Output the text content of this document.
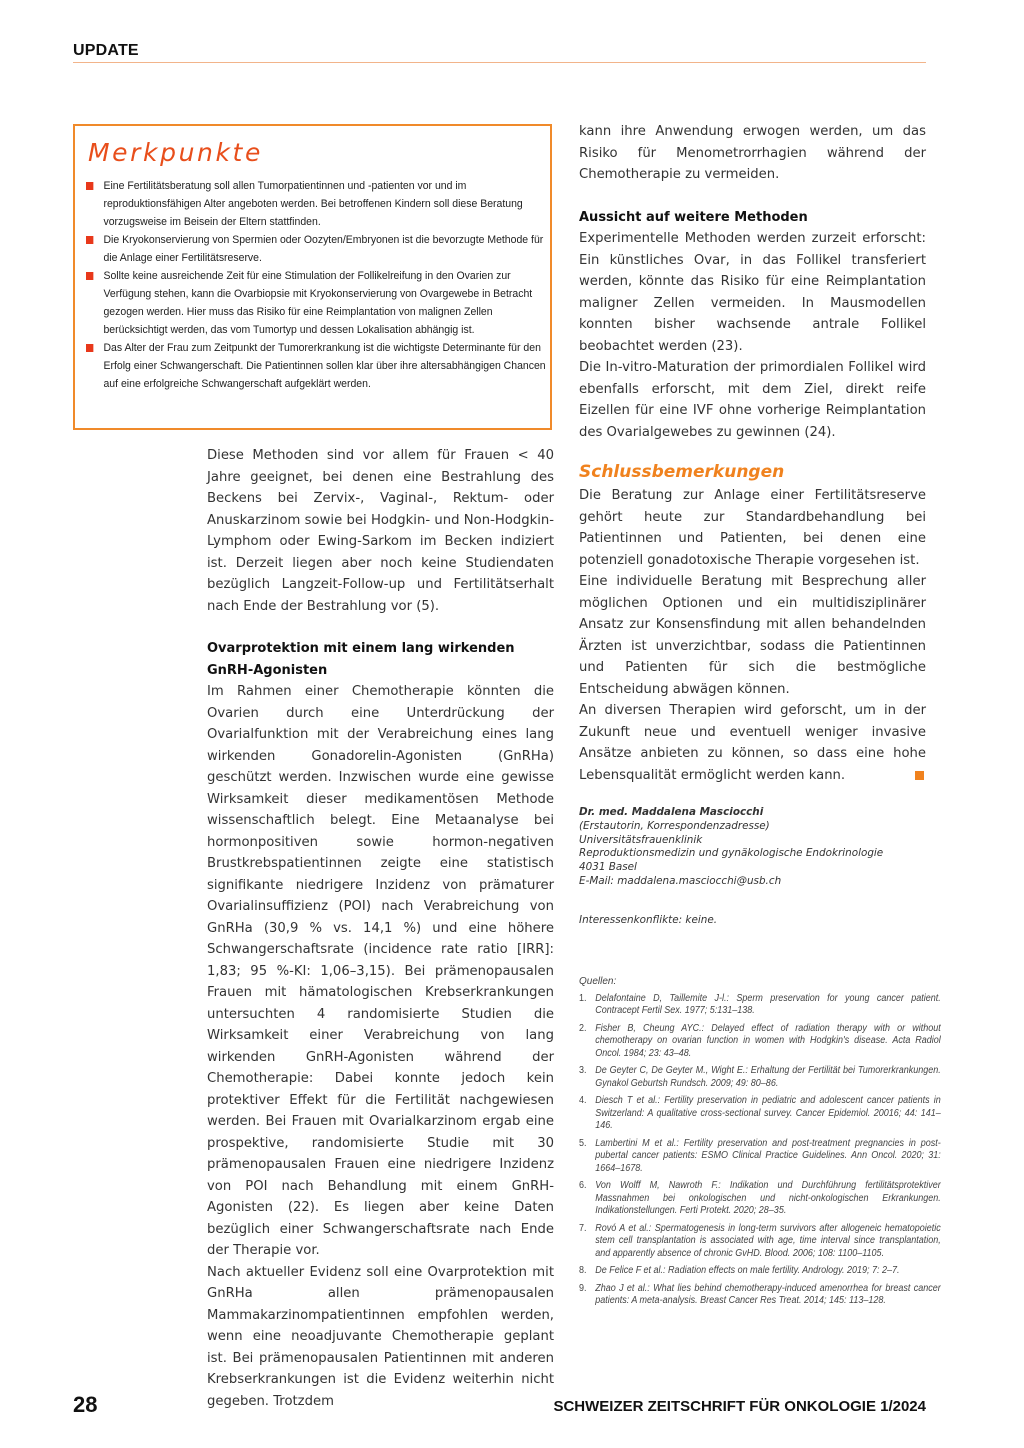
UPDATE
Merkpunkte
Eine Fertilitätsberatung soll allen Tumorpatientinnen und -patienten vor und im reproduktionsfähigen Alter angeboten werden. Bei betroffenen Kindern soll diese Beratung vorzugsweise im Beisein der Eltern stattfinden.
Die Kryokonservierung von Spermien oder Oozyten/Embryonen ist die bevorzugte Methode für die Anlage einer Fertilitätsreserve.
Sollte keine ausreichende Zeit für eine Stimulation der Follikelreifung in den Ovarien zur Verfügung stehen, kann die Ovarbiopsie mit Kryokonservierung von Ovargewebe in Betracht gezogen werden. Hier muss das Risiko für eine Reimplantation von malignen Zellen berücksichtigt werden, das vom Tumortyp und dessen Lokalisation abhängig ist.
Das Alter der Frau zum Zeitpunkt der Tumorerkrankung ist die wichtigste Determinante für den Erfolg einer Schwangerschaft. Die Patientinnen sollen klar über ihre altersabhängigen Chancen auf eine erfolgreiche Schwangerschaft aufgeklärt werden.

Diese Methoden sind vor allem für Frauen < 40 Jahre geeignet, bei denen eine Bestrahlung des Beckens bei Zervix-, Vaginal-, Rektum- oder Anuskarzinom sowie bei Hodgkin- und Non-Hodgkin-Lymphom oder Ewing-Sarkom im Becken indiziert ist. Derzeit liegen aber noch keine Studiendaten bezüglich Langzeit-Follow-up und Fertilitätserhalt nach Ende der Bestrahlung vor (5).

Ovarprotektion mit einem lang wirkenden GnRH-Agonisten

Im Rahmen einer Chemotherapie könnten die Ovarien durch eine Unterdrückung der Ovarialfunktion mit der Verabreichung eines lang wirkenden Gonadorelin-Agonisten (GnRHa) geschützt werden. Inzwischen wurde eine gewisse Wirksamkeit dieser medikamentösen Methode wissenschaftlich belegt. Eine Metaanalyse bei hormonpositiven sowie hormon-negativen Brustkrebspatientinnen zeigte eine statistisch signifikante niedrigere Inzidenz von prämaturer Ovarialinsuffizienz (POI) nach Verabreichung von GnRHa (30,9 % vs. 14,1 %) und eine höhere Schwangerschaftsrate (incidence rate ratio [IRR]: 1,83; 95 %-KI: 1,06–3,15). Bei prämenopausalen Frauen mit hämatologischen Krebserkrankungen untersuchten 4 randomisierte Studien die Wirksamkeit einer Verabreichung von lang wirkenden GnRH-Agonisten während der Chemotherapie: Dabei konnte jedoch kein protektiver Effekt für die Fertilität nachgewiesen werden. Bei Frauen mit Ovarialkarzinom ergab eine prospektive, randomisierte Studie mit 30 prämenopausalen Frauen eine niedrigere Inzidenz von POI nach Behandlung mit einem GnRH-Agonisten (22). Es liegen aber keine Daten bezüglich einer Schwangerschaftsrate nach Ende der Therapie vor.

Nach aktueller Evidenz soll eine Ovarprotektion mit GnRHa allen prämenopausalen Mammakarzinompatientinnen empfohlen werden, wenn eine neoadjuvante Chemotherapie geplant ist. Bei prämenopausalen Patientinnen mit anderen Krebserkrankungen ist die Evidenz weiterhin nicht gegeben. Trotzdem

kann ihre Anwendung erwogen werden, um das Risiko für Menometrorrhagien während der Chemotherapie zu vermeiden.

Aussicht auf weitere Methoden

Experimentelle Methoden werden zurzeit erforscht: Ein künstliches Ovar, in das Follikel transferiert werden, könnte das Risiko für eine Reimplantation maligner Zellen vermeiden. In Mausmodellen konnten bisher wachsende antrale Follikel beobachtet werden (23).

Die In-vitro-Maturation der primordialen Follikel wird ebenfalls erforscht, mit dem Ziel, direkt reife Eizellen für eine IVF ohne vorherige Reimplantation des Ovarialgewebes zu gewinnen (24).

Schlussbemerkungen

Die Beratung zur Anlage einer Fertilitätsreserve gehört heute zur Standardbehandlung bei Patientinnen und Patienten, bei denen eine potenziell gonadotoxische Therapie vorgesehen ist.

Eine individuelle Beratung mit Besprechung aller möglichen Optionen und ein multidisziplinärer Ansatz zur Konsensfindung mit allen behandelnden Ärzten ist unverzichtbar, sodass die Patientinnen und Patienten für sich die bestmögliche Entscheidung abwägen können.

An diversen Therapien wird geforscht, um in der Zukunft neue und eventuell weniger invasive Ansätze anbieten zu können, so dass eine hohe Lebensqualität ermöglicht werden kann.

Dr. med. Maddalena Masciocchi
(Erstautorin, Korrespondenzadresse)
Universitätsfrauenklinik
Reproduktionsmedizin und gynäkologische Endokrinologie
4031 Basel
E-Mail: maddalena.masciocchi@usb.ch
Interessenkonflikte: keine.
Quellen:
1. Delafontaine D, Taillemite J-l.: Sperm preservation for young cancer patient. Contracept Fertil Sex. 1977; 5:131–138.
2. Fisher B, Cheung AYC.: Delayed effect of radiation therapy with or without chemotherapy on ovarian function in women with Hodgkin's disease. Acta Radiol Oncol. 1984; 23: 43–48.
3. De Geyter C, De Geyter M., Wight E.: Erhaltung der Fertilität bei Tumorerkrankungen. Gynakol Geburtsh Rundsch. 2009; 49: 80–86.
4. Diesch T et al.: Fertility preservation in pediatric and adolescent cancer patients in Switzerland: A qualitative cross-sectional survey. Cancer Epidemiol. 20016; 44: 141–146.
5. Lambertini M et al.: Fertility preservation and post-treatment pregnancies in post-pubertal cancer patients: ESMO Clinical Practice Guidelines. Ann Oncol. 2020; 31: 1664–1678.
6. Von Wolff M, Nawroth F.: Indikation und Durchführung fertilitätsprotektiver Massnahmen bei onkologischen und nicht-onkologischen Erkrankungen. Indikationstellungen. Ferti Protekt. 2020; 28–35.
7. Rovó A et al.: Spermatogenesis in long-term survivors after allogeneic hematopoietic stem cell transplantation is associated with age, time interval since transplantation, and apparently absence of chronic GvHD. Blood. 2006; 108: 1100–1105.
8. De Felice F et al.: Radiation effects on male fertility. Andrology. 2019; 7: 2–7.
9. Zhao J et al.: What lies behind chemotherapy-induced amenorrhea for breast cancer patients: A meta-analysis. Breast Cancer Res Treat. 2014; 145: 113–128.
28	SCHWEIZER ZEITSCHRIFT FÜR ONKOLOGIE 1/2024
